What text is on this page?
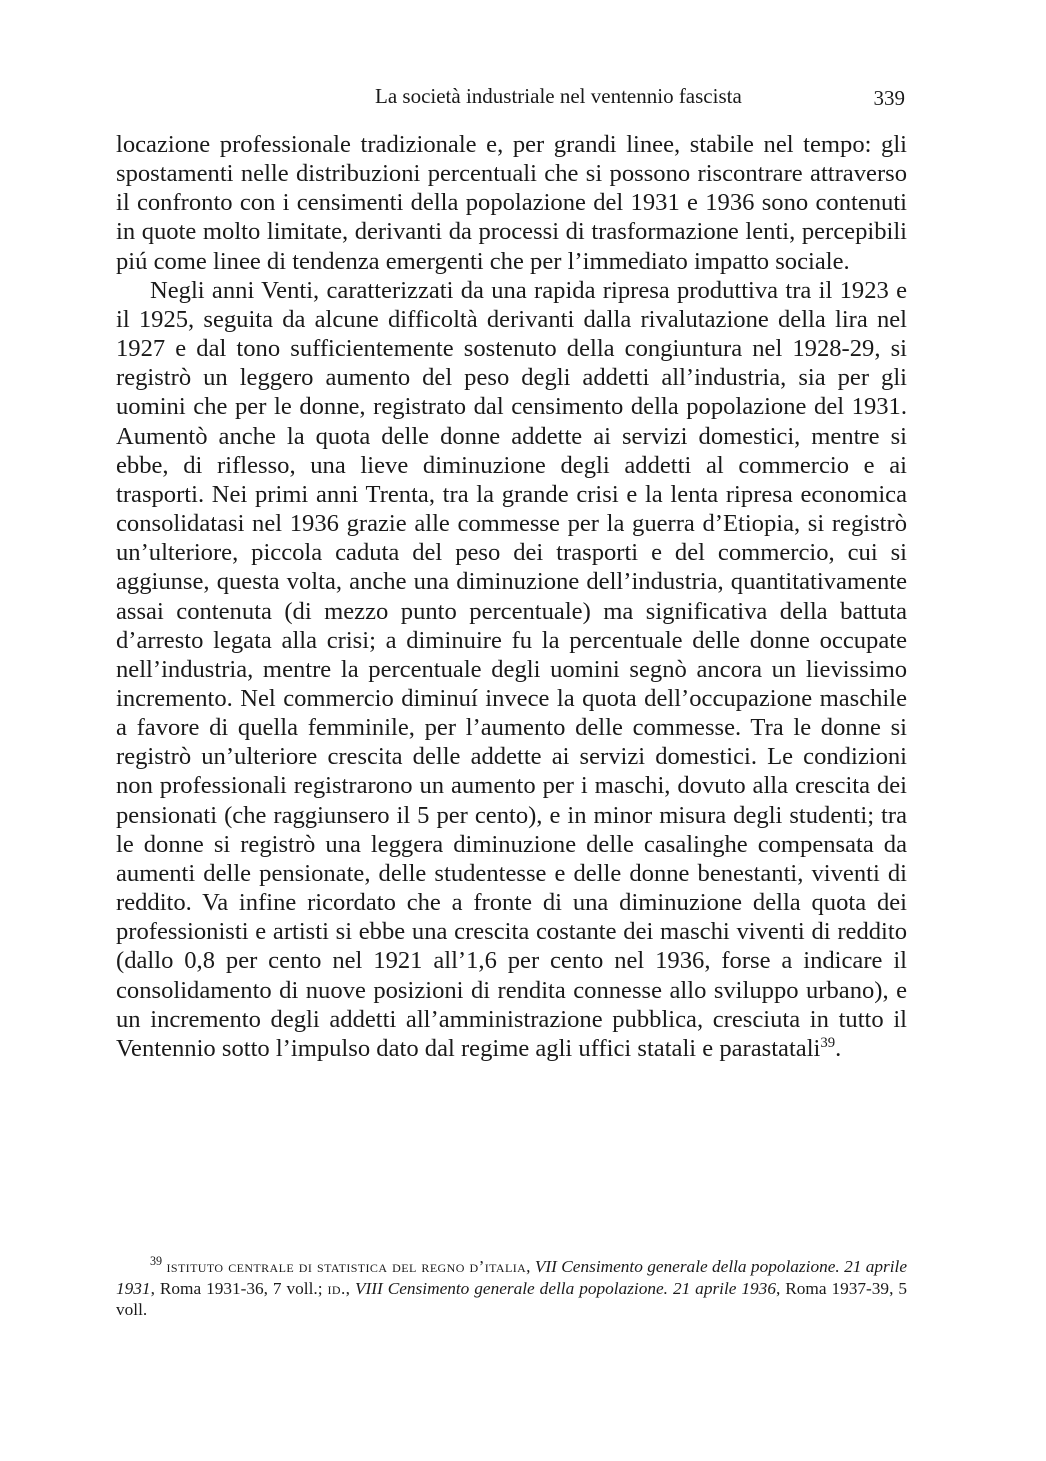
La società industriale nel ventennio fascista	339

locazione professionale tradizionale e, per grandi linee, stabile nel tempo: gli spostamenti nelle distribuzioni percentuali che si possono riscontrare attraverso il confronto con i censimenti della popolazione del 1931 e 1936 sono contenuti in quote molto limitate, derivanti da processi di trasformazione lenti, percepibili piú come linee di tendenza emergenti che per l’immediato impatto sociale.

Negli anni Venti, caratterizzati da una rapida ripresa produttiva tra il 1923 e il 1925, seguita da alcune difficoltà derivanti dalla rivalutazione della lira nel 1927 e dal tono sufficientemente sostenuto della congiuntura nel 1928-29, si registrò un leggero aumento del peso degli addetti all’industria, sia per gli uomini che per le donne, registrato dal censimento della popolazione del 1931. Aumentò anche la quota delle donne addette ai servizi domestici, mentre si ebbe, di riflesso, una lieve diminuzione degli addetti al commercio e ai trasporti. Nei primi anni Trenta, tra la grande crisi e la lenta ripresa economica consolidatasi nel 1936 grazie alle commesse per la guerra d’Etiopia, si registrò un’ulteriore, piccola caduta del peso dei trasporti e del commercio, cui si aggiunse, questa volta, anche una diminuzione dell’industria, quantitativamente assai contenuta (di mezzo punto percentuale) ma significativa della battuta d’arresto legata alla crisi; a diminuire fu la percentuale delle donne occupate nell’industria, mentre la percentuale degli uomini segnò ancora un lievissimo incremento. Nel commercio diminuí invece la quota dell’occupazione maschile a favore di quella femminile, per l’aumento delle commesse. Tra le donne si registrò un’ulteriore crescita delle addette ai servizi domestici. Le condizioni non professionali registrarono un aumento per i maschi, dovuto alla crescita dei pensionati (che raggiunsero il 5 per cento), e in minor misura degli studenti; tra le donne si registrò una leggera diminuzione delle casalinghe compensata da aumenti delle pensionate, delle studentesse e delle donne benestanti, viventi di reddito. Va infine ricordato che a fronte di una diminuzione della quota dei professionisti e artisti si ebbe una crescita costante dei maschi viventi di reddito (dallo 0,8 per cento nel 1921 all’1,6 per cento nel 1936, forse a indicare il consolidamento di nuove posizioni di rendita connesse allo sviluppo urbano), e un incremento degli addetti all’amministrazione pubblica, cresciuta in tutto il Ventennio sotto l’impulso dato dal regime agli uffici statali e parastatali$^{39}$.

$^{39}$ istituto centrale di statistica del regno d’italia, VII Censimento generale della popolazione. 21 aprile 1931, Roma 1931-36, 7 voll.; id., VIII Censimento generale della popolazione. 21 aprile 1936, Roma 1937-39, 5 voll.
